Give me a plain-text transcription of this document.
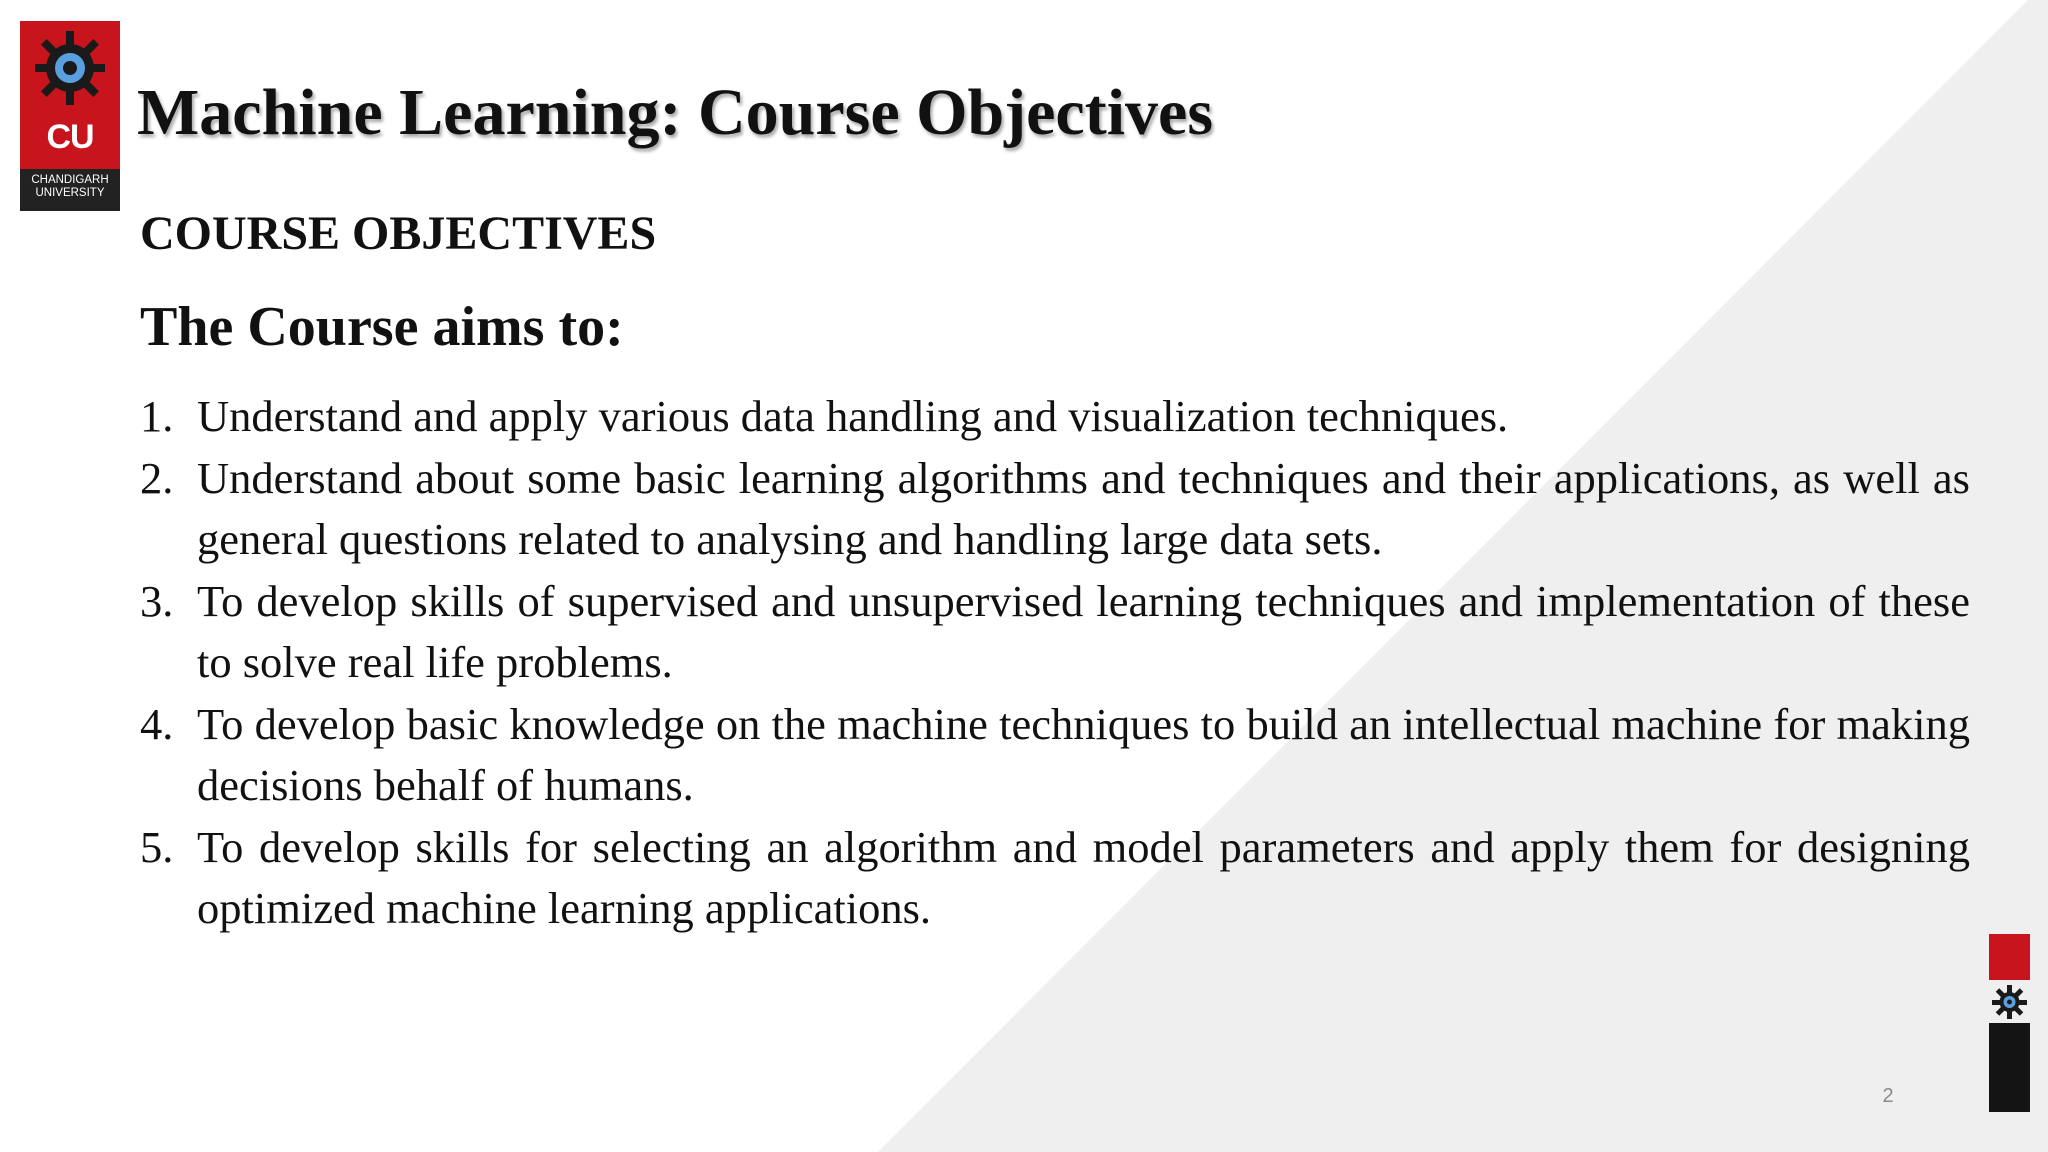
CU
CHANDIGARH
UNIVERSITY
Machine Learning: Course Objectives
COURSE OBJECTIVES
The Course aims to:
1. Understand and apply various data handling and visualization techniques.
2. Understand about some basic learning algorithms and techniques and their applications, as well as general questions related to analysing and handling large data sets.
3. To develop skills of supervised and unsupervised learning techniques and implementation of these to solve real life problems.
4. To develop basic knowledge on the machine techniques to build an intellectual machine for making decisions behalf of humans.
5. To develop skills for selecting an algorithm and model parameters and apply them for designing optimized machine learning applications.
2
